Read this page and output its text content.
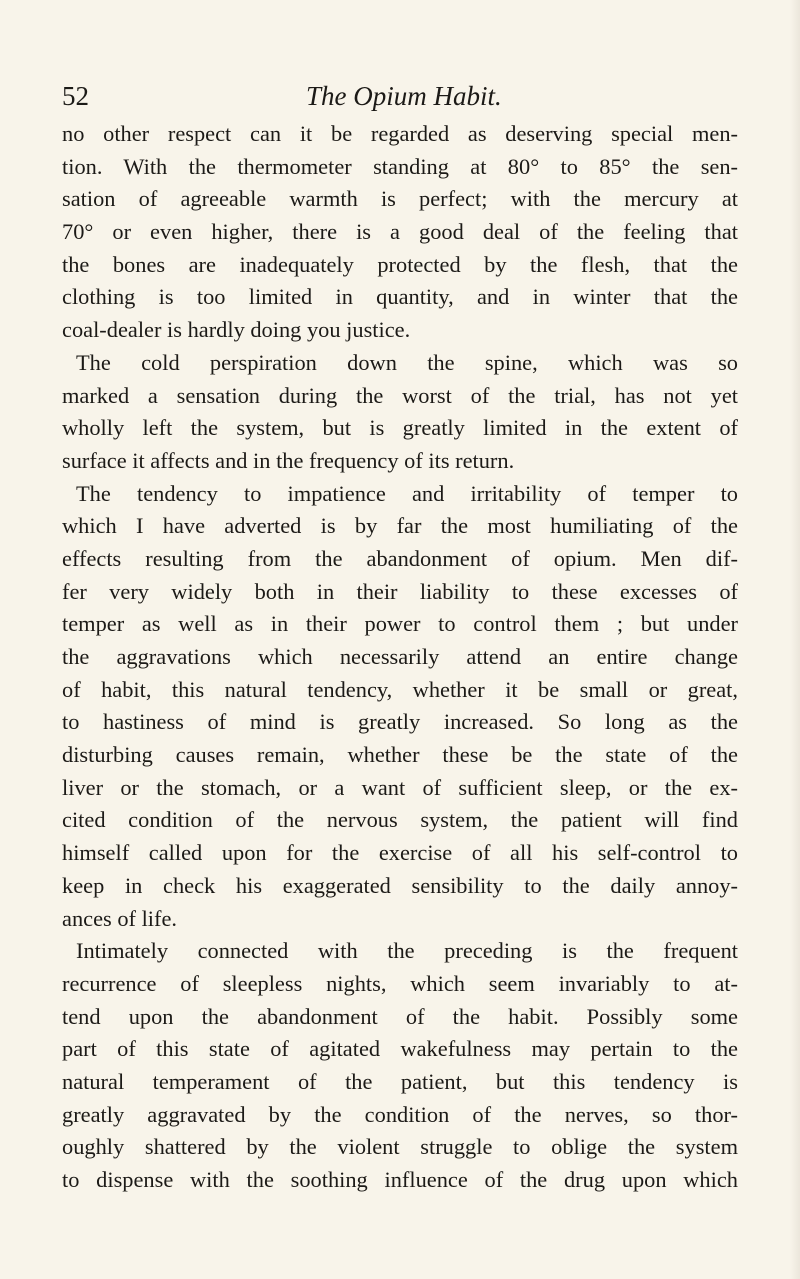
52	The Opium Habit.
no other respect can it be regarded as deserving special men-
tion. With the thermometer standing at 80° to 85° the sen-
sation of agreeable warmth is perfect; with the mercury at
70° or even higher, there is a good deal of the feeling that
the bones are inadequately protected by the flesh, that the
clothing is too limited in quantity, and in winter that the
coal-dealer is hardly doing you justice.
The cold perspiration down the spine, which was so
marked a sensation during the worst of the trial, has not yet
wholly left the system, but is greatly limited in the extent of
surface it affects and in the frequency of its return.
The tendency to impatience and irritability of temper to
which I have adverted is by far the most humiliating of the
effects resulting from the abandonment of opium. Men dif-
fer very widely both in their liability to these excesses of
temper as well as in their power to control them ; but under
the aggravations which necessarily attend an entire change
of habit, this natural tendency, whether it be small or great,
to hastiness of mind is greatly increased. So long as the
disturbing causes remain, whether these be the state of the
liver or the stomach, or a want of sufficient sleep, or the ex-
cited condition of the nervous system, the patient will find
himself called upon for the exercise of all his self-control to
keep in check his exaggerated sensibility to the daily annoy-
ances of life.
Intimately connected with the preceding is the frequent
recurrence of sleepless nights, which seem invariably to at-
tend upon the abandonment of the habit. Possibly some
part of this state of agitated wakefulness may pertain to the
natural temperament of the patient, but this tendency is
greatly aggravated by the condition of the nerves, so thor-
oughly shattered by the violent struggle to oblige the system
to dispense with the soothing influence of the drug upon which
